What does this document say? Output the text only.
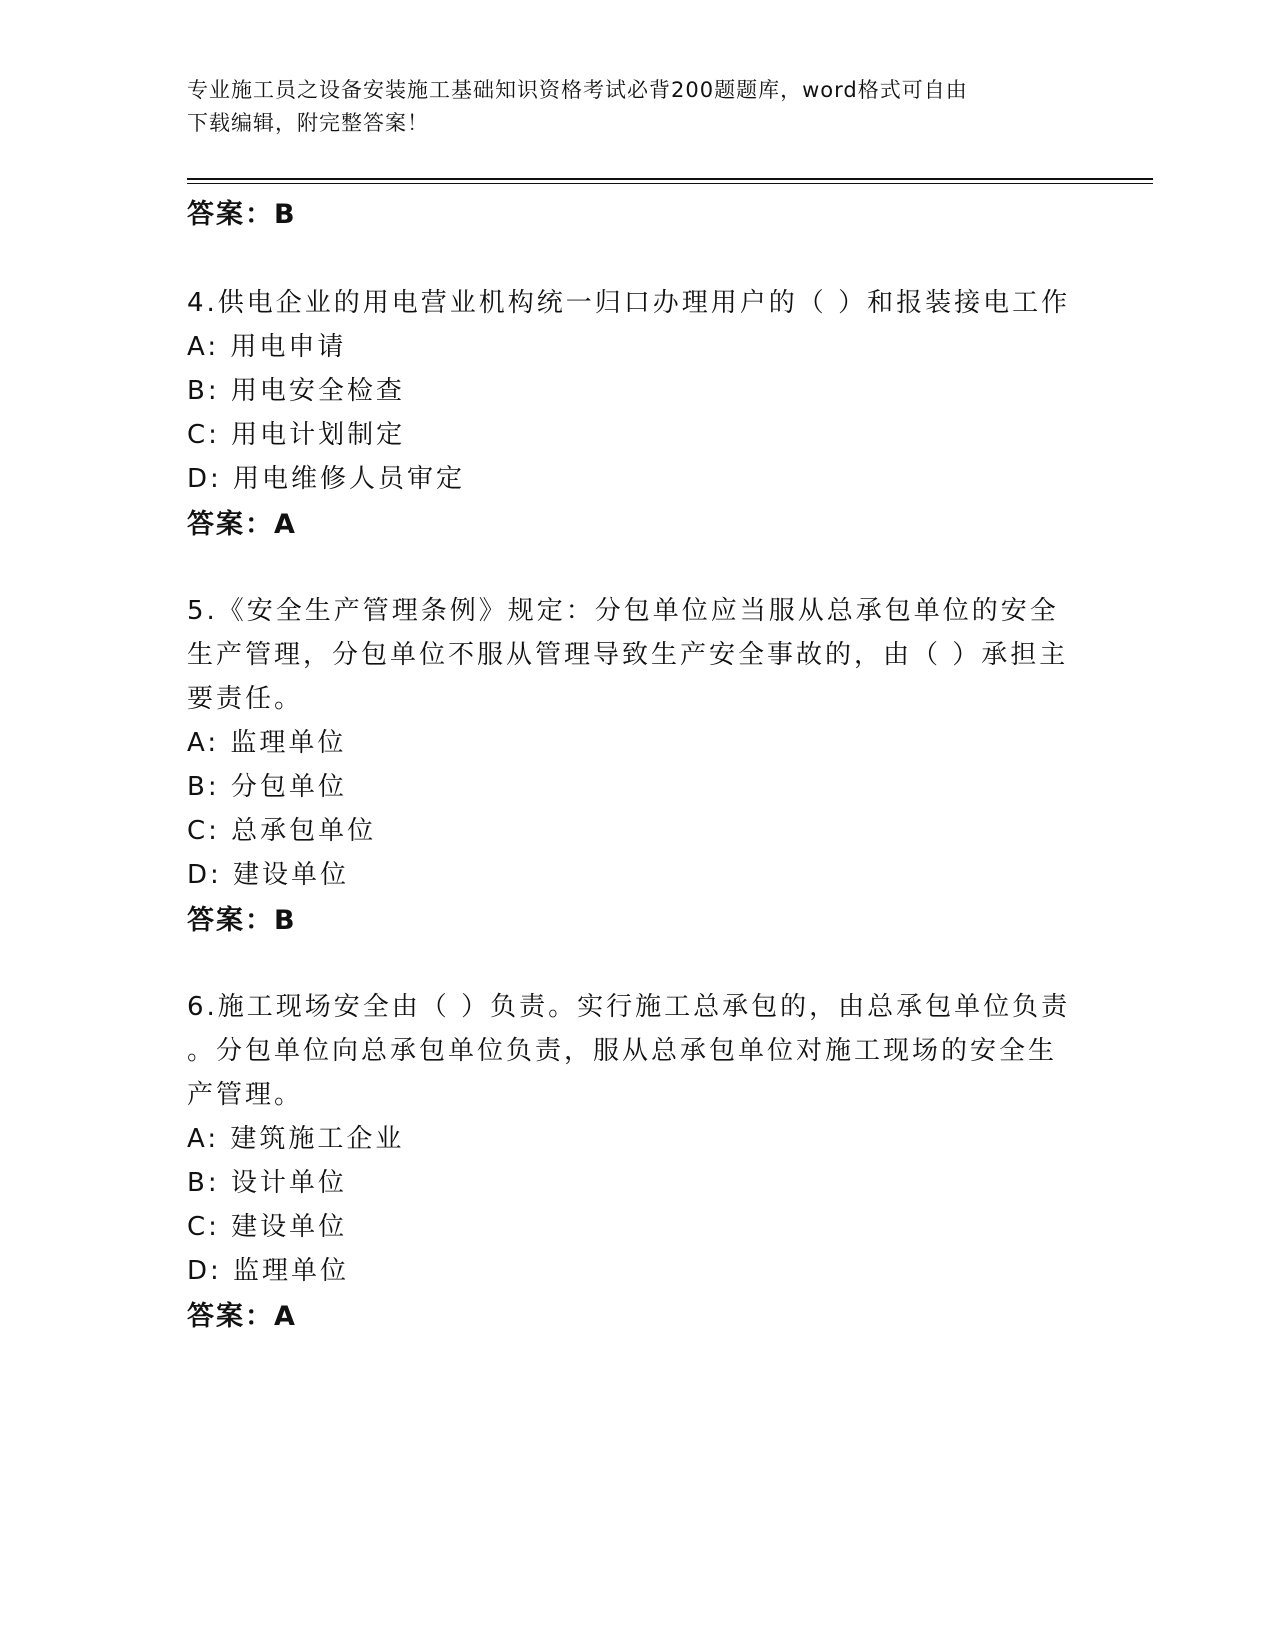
专业施工员之设备安装施工基础知识资格考试必背200题题库，word格式可自由
下载编辑，附完整答案！
答案：B
4.供电企业的用电营业机构统一归口办理用户的（ ）和报装接电工作
A: 用电申请
B: 用电安全检查
C: 用电计划制定
D: 用电维修人员审定
答案：A
5.《安全生产管理条例》规定：分包单位应当服从总承包单位的安全
生产管理，分包单位不服从管理导致生产安全事故的，由（ ）承担主
要责任。
A: 监理单位
B: 分包单位
C: 总承包单位
D: 建设单位
答案：B
6.施工现场安全由（ ）负责。实行施工总承包的，由总承包单位负责
。分包单位向总承包单位负责，服从总承包单位对施工现场的安全生
产管理。
A: 建筑施工企业
B: 设计单位
C: 建设单位
D: 监理单位
答案：A
